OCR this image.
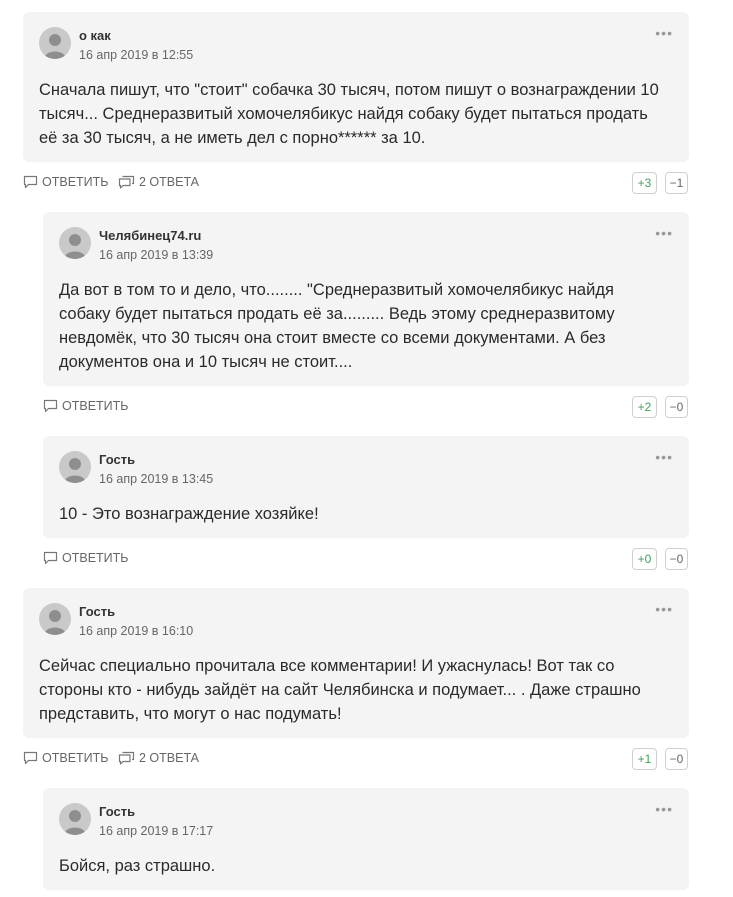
о как
16 апр 2019 в 12:55
•••
Сначала пишут, что "стоит" собачка 30 тысяч, потом пишут о вознаграждении 10 тысяч... Среднеразвитый хомочелябикус найдя собаку будет пытаться продать её за 30 тысяч, а не иметь дел с порно****** за 10.
ОТВЕТИТЬ 2 ОТВЕТА	+3	−1
Челябинец74.ru
16 апр 2019 в 13:39
•••
Да вот в том то и дело, что........ "Среднеразвитый хомочелябикус найдя собаку будет пытаться продать её за......... Ведь этому среднеразвитому невдомёк, что 30 тысяч она стоит вместе со всеми документами. А без документов она и 10 тысяч не стоит....
ОТВЕТИТЬ	+2	−0
Гость
16 апр 2019 в 13:45
•••
10 - Это вознаграждение хозяйке!
ОТВЕТИТЬ	+0	−0
Гость
16 апр 2019 в 16:10
•••
Сейчас специально прочитала все комментарии! И ужаснулась! Вот так со стороны кто - нибудь зайдёт на сайт Челябинска и подумает... . Даже страшно представить, что могут о нас подумать!
ОТВЕТИТЬ 2 ОТВЕТА	+1	−0
Гость
16 апр 2019 в 17:17
•••
Бойся, раз страшно.
